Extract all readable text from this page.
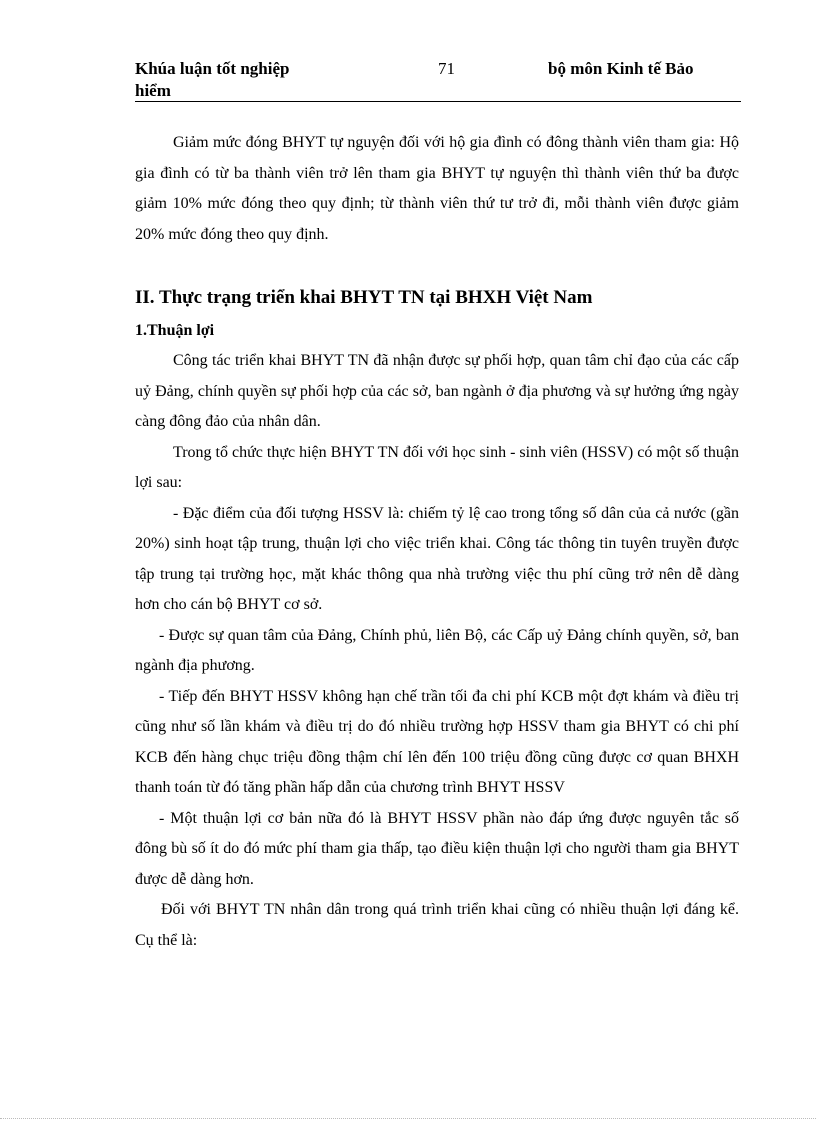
Khúa luận tốt nghiệp
hiểm
71	bộ môn Kinh tế Bảo

Giảm mức đóng BHYT tự nguyện đối với hộ gia đình có đông thành viên tham gia: Hộ gia đình có từ ba thành viên trở lên tham gia BHYT tự nguyện thì thành viên thứ ba được giảm 10% mức đóng theo quy định; từ thành viên thứ tư trở đi, mỗi thành viên được giảm 20% mức đóng theo quy định.

II. Thực trạng triển khai BHYT TN tại BHXH Việt Nam
1.Thuận lợi

Công tác triển khai BHYT TN đã nhận được sự phối hợp, quan tâm chỉ đạo của các cấp uỷ Đảng, chính quyền sự phối hợp của các sở, ban ngành ở địa phương và sự hưởng ứng ngày càng đông đảo của nhân dân.

Trong tổ chức thực hiện BHYT TN đối với học sinh - sinh viên (HSSV) có một số thuận lợi sau:

- Đặc điểm của đối tượng HSSV là: chiếm tỷ lệ cao trong tổng số dân của cả nước (gần 20%) sinh hoạt tập trung, thuận lợi cho việc triển khai. Công tác thông tin tuyên truyền được tập trung tại trường học, mặt khác thông qua nhà trường việc thu phí cũng trở nên dễ dàng hơn cho cán bộ BHYT cơ sở.

- Được sự quan tâm của Đảng, Chính phủ, liên Bộ, các Cấp uỷ Đảng chính quyền, sở, ban ngành địa phương.

- Tiếp đến BHYT HSSV không hạn chế trần tối đa chi phí KCB một đợt khám và điều trị cũng như số lần khám và điều trị do đó nhiều trường hợp HSSV tham gia BHYT có chi phí KCB đến hàng chục triệu đồng thậm chí lên đến 100 triệu đồng cũng được cơ quan BHXH thanh toán từ đó tăng phần hấp dẫn của chương trình BHYT HSSV

- Một thuận lợi cơ bản nữa đó là BHYT HSSV phần nào đáp ứng được nguyên tắc số đông bù số ít do đó mức phí tham gia thấp, tạo điều kiện thuận lợi cho người tham gia BHYT được dễ dàng hơn.

Đối với BHYT TN nhân dân trong quá trình triển khai cũng có nhiều thuận lợi đáng kể. Cụ thể là:
